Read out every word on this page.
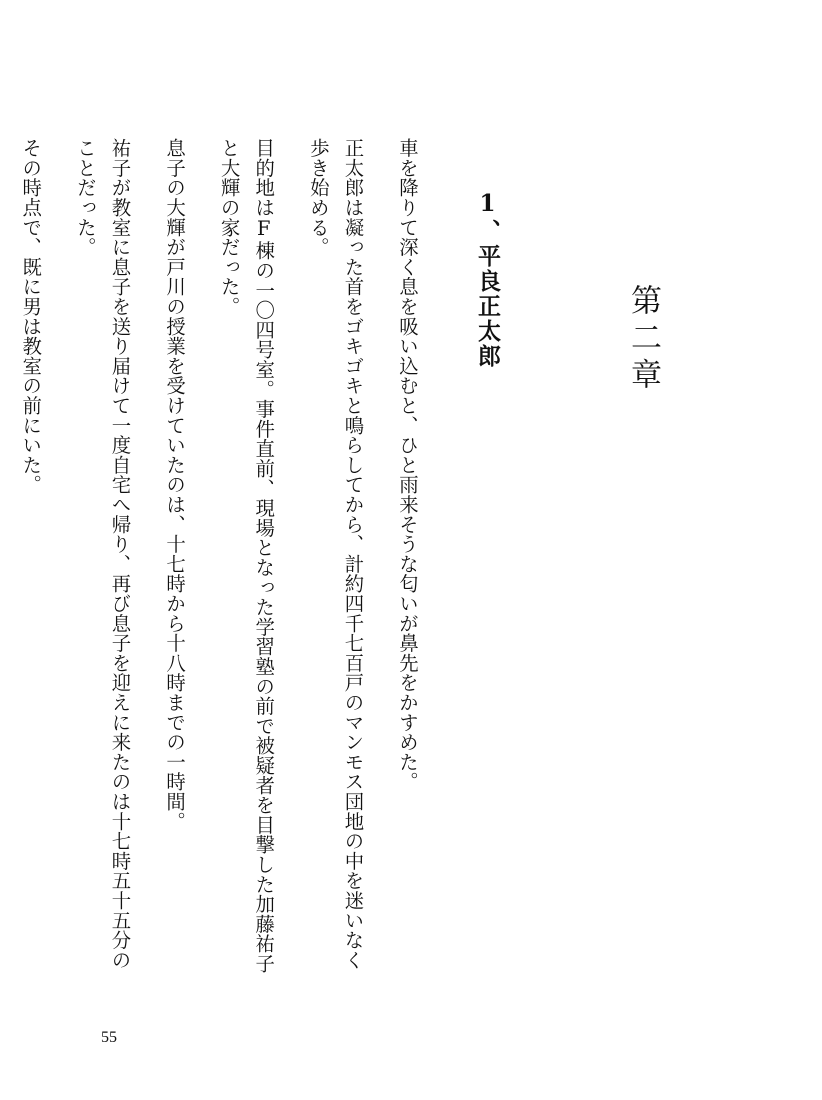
第二章
1、平良正太郎
車を降りて深く息を吸い込むと、ひと雨来そうな匂いが鼻先をかすめた。
正太郎は凝った首をゴキゴキと鳴らしてから、計約四千七百戸のマンモス団地の中を迷いなく
歩き始める。
目的地はF棟の一〇四号室。事件直前、現場となった学習塾の前で被疑者を目撃した加藤祐子
と大輝の家だった。
息子の大輝が戸川の授業を受けていたのは、十七時から十八時までの一時間。
祐子が教室に息子を送り届けて一度自宅へ帰り、再び息子を迎えに来たのは十七時五十五分の
ことだった。
その時点で、既に男は教室の前にいた。
55
